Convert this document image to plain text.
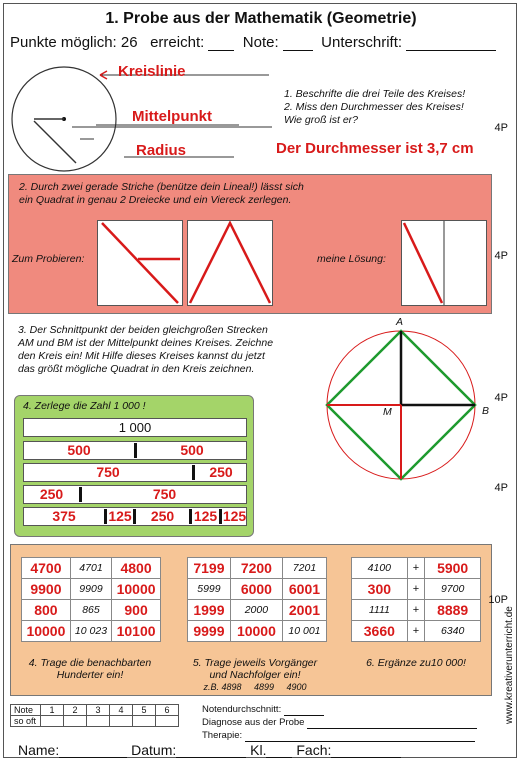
1. Probe aus der Mathematik (Geometrie)
Punkte möglich: 26 erreicht:	Note:	Unterschrift:
Kreislinie
Mittelpunkt
Radius
1. Beschrifte die drei Teile des Kreises!
2. Miss den Durchmesser des Kreises!
Wie groß ist er?
Der Durchmesser ist 3,7 cm
4P
2. Durch zwei gerade Striche (benütze dein Lineal!) lässt sich
ein Quadrat in genau 2 Dreiecke und ein Viereck zerlegen.
Zum Probieren:	meine Lösung:	4P
3. Der Schnittpunkt der beiden gleichgroßen Strecken
AM und BM ist der Mittelpunkt deines Kreises. Zeichne
den Kreis ein! Mit Hilfe dieses Kreises kannst du jetzt
das größt mögliche Quadrat in den Kreis zeichnen.
A
B
M
4P
4. Zerlege die Zahl 1 000 !
1 000
500	500
750	250
250	750
375	125	250	125 125
4P
4700	4701	4800
9900	9909	10000
800	865	900
10000	10 023	10100
4. Trage die benachbarten
Hunderter ein!
7199	7200	7201
5999	6000	6001
1999	2000	2001
9999	10000	10 001
5. Trage jeweils Vorgänger
und Nachfolger ein!
z.B. 4898     4899     4900
4100	+	5900
300	+	9700
1111	+	8889
3660	+	6340
6. Ergänze zu10 000!
10P
www.kreativerunterricht.de
Note	1	2	3	4	5	6
so oft						
Notendurchschnitt:
Diagnose aus der Probe
Therapie:
Name:	Datum:	Kl. Fach:
